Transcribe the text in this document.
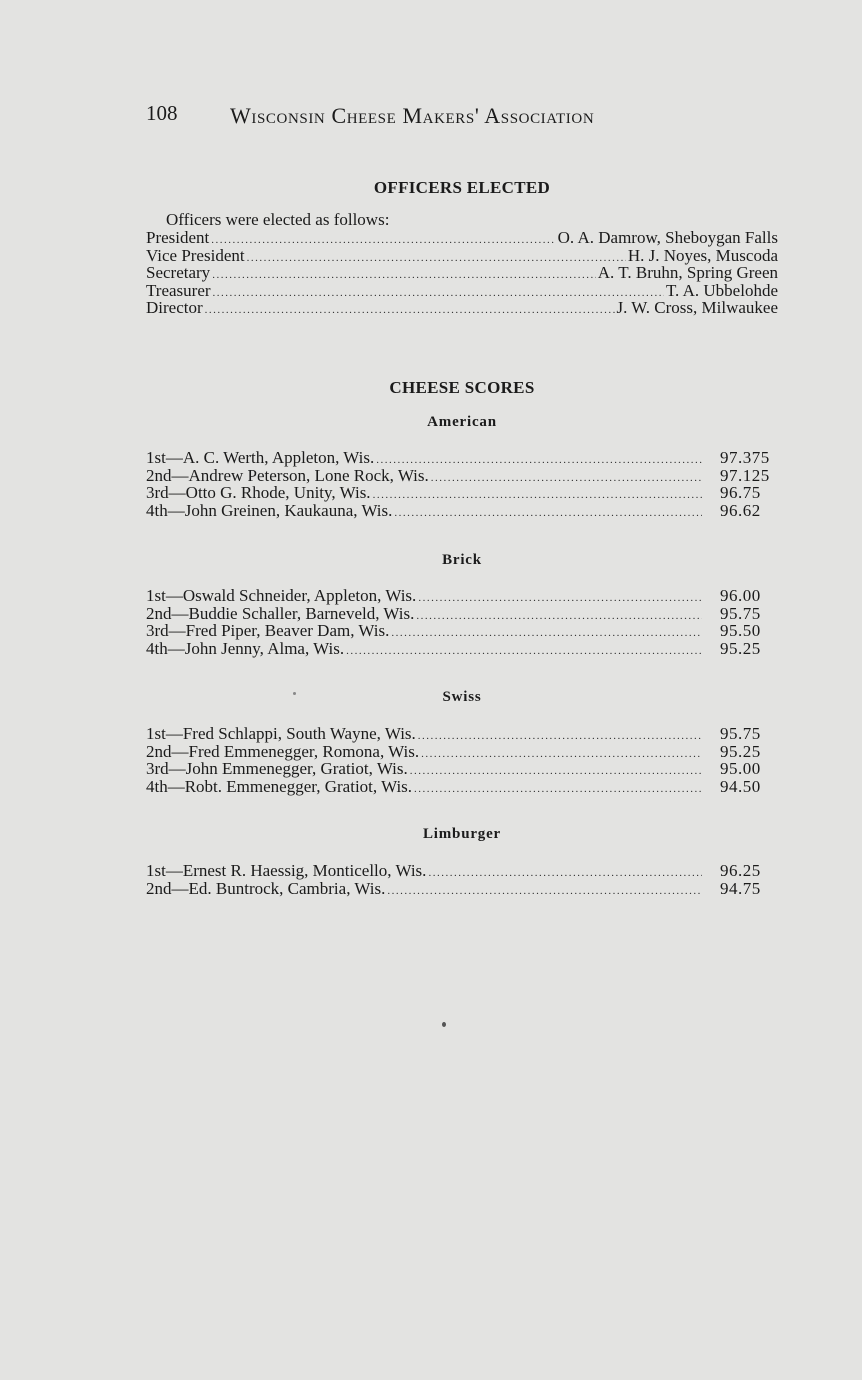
108 Wisconsin Cheese Makers' Association
OFFICERS ELECTED
Officers were elected as follows:
President .....	O. A. Damrow, Sheboygan Falls
Vice President .....	H. J. Noyes, Muscoda
Secretary .....	A. T. Bruhn, Spring Green
Treasurer .....	T. A. Ubbelohde
Director .....	J. W. Cross, Milwaukee
CHEESE SCORES
American
1st—A. C. Werth, Appleton, Wis. .....	97.375
2nd—Andrew Peterson, Lone Rock, Wis. .....	97.125
3rd—Otto G. Rhode, Unity, Wis. .....	96.75
4th—John Greinen, Kaukauna, Wis. .....	96.62
Brick
1st—Oswald Schneider, Appleton, Wis. .....	96.00
2nd—Buddie Schaller, Barneveld, Wis. .....	95.75
3rd—Fred Piper, Beaver Dam, Wis. .....	95.50
4th—John Jenny, Alma, Wis. .....	95.25
Swiss
1st—Fred Schlappi, South Wayne, Wis. .....	95.75
2nd—Fred Emmenegger, Romona, Wis. .....	95.25
3rd—John Emmenegger, Gratiot, Wis. .....	95.00
4th—Robt. Emmenegger, Gratiot, Wis. .....	94.50
Limburger
1st—Ernest R. Haessig, Monticello, Wis. .....	96.25
2nd—Ed. Buntrock, Cambria, Wis. .....	94.75
